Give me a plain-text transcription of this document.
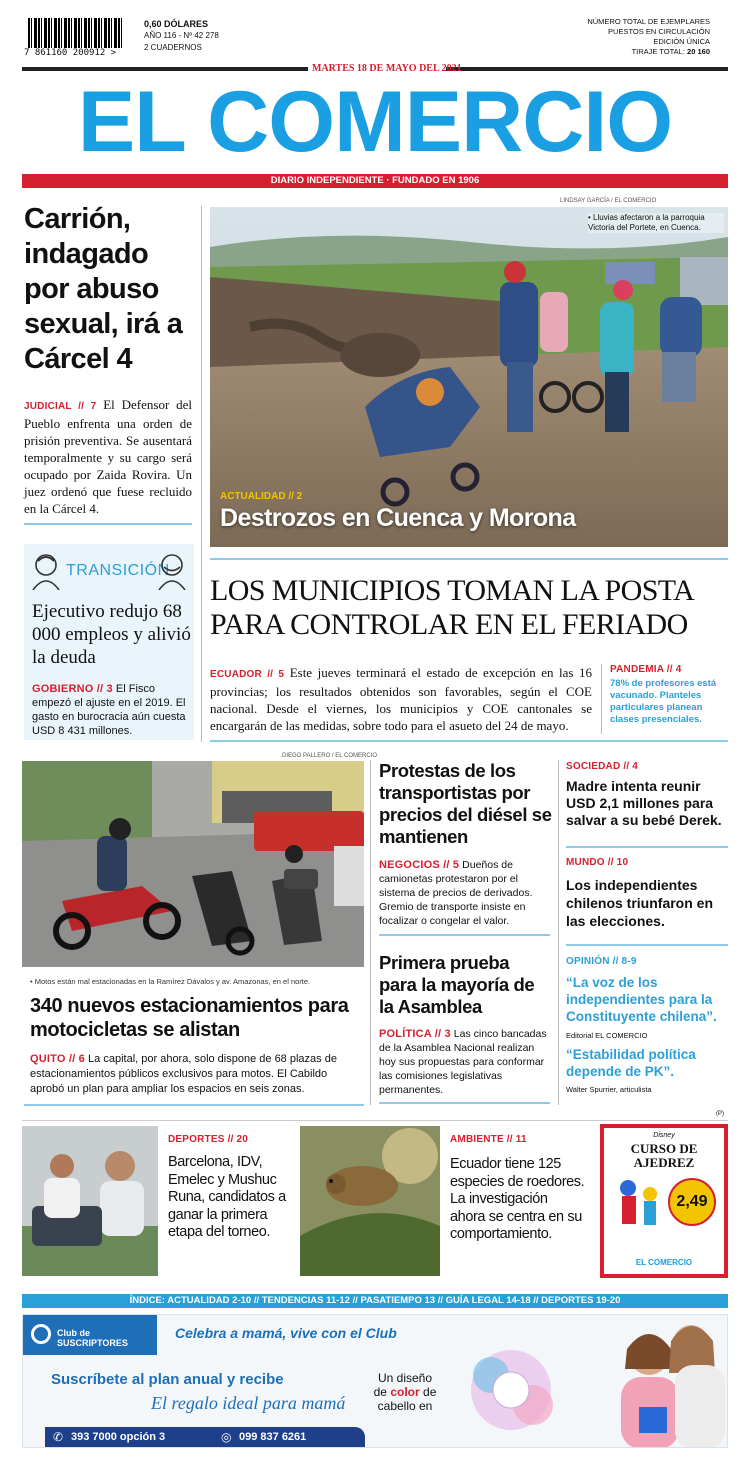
7 861160 200912 >
0,60 DÓLARES
AÑO 116 - Nº 42 278
2 CUADERNOS
NÚMERO TOTAL DE EJEMPLARES
PUESTOS EN CIRCULACIÓN
EDICIÓN ÚNICA
TIRAJE TOTAL: 20 160
MARTES 18 DE MAYO DEL 2021
EL COMERCIO
DIARIO INDEPENDIENTE · FUNDADO EN 1906
Carrión, indagado por abuso sexual, irá a Cárcel 4
JUDICIAL // 7 El Defensor del Pueblo enfrenta una orden de prisión preventiva. Se ausentará temporalmente y su cargo será ocupado por Zaida Rovira. Un juez ordenó que fuese recluido en la Cárcel 4.
LINDSAY GARCÍA / EL COMERCIO
• Lluvias afectaron a la parroquia Victoria del Portete, en Cuenca.
ACTUALIDAD // 2
Destrozos en Cuenca y Morona
TRANSICIÓN
Ejecutivo redujo 68 000 empleos y alivió la deuda
GOBIERNO // 3 El Fisco empezó el ajuste en el 2019. El gasto en burocracia aún cuesta USD 8 431 millones.
LOS MUNICIPIOS TOMAN LA POSTA PARA CONTROLAR EN EL FERIADO
ECUADOR // 5 Este jueves terminará el estado de excepción en las 16 provincias; los resultados obtenidos son favorables, según el COE nacional. Desde el viernes, los municipios y COE cantonales se encargarán de las medidas, sobre todo para el asueto del 24 de mayo.
PANDEMIA // 4
78% de profesores está vacunado. Planteles particulares planean clases presenciales.
DIEGO PALLERO / EL COMERCIO
• Motos están mal estacionadas en la Ramírez Dávalos y av. Amazonas, en el norte.
340 nuevos estacionamientos para motocicletas se alistan
QUITO // 6 La capital, por ahora, solo dispone de 68 plazas de estacionamientos públicos exclusivos para motos. El Cabildo aprobó un plan para ampliar los espacios en seis zonas.
Protestas de los transportistas por precios del diésel se mantienen
NEGOCIOS // 5 Dueños de camionetas protestaron por el sistema de precios de derivados. Gremio de transporte insiste en focalizar o congelar el valor.
Primera prueba para la mayoría de la Asamblea
POLÍTICA // 3 Las cinco bancadas de la Asamblea Nacional realizan hoy sus propuestas para conformar las comisiones legislativas permanentes.
SOCIEDAD // 4
Madre intenta reunir USD 2,1 millones para salvar a su bebé Derek.
MUNDO // 10
Los independientes chilenos triunfaron en las elecciones.
OPINIÓN // 8-9
“La voz de los independientes para la Constituyente chilena”.
Editorial EL COMERCIO
“Estabilidad política depende de PK”.
Walter Spurrier, articulista
DEPORTES // 20
Barcelona, IDV, Emelec y Mushuc Runa, candidatos a ganar la primera etapa del torneo.
AMBIENTE // 11
Ecuador tiene 125 especies de roedores. La investigación ahora se centra en su comportamiento.
(P)
Disney
CURSO DE AJEDREZ
2,49
EL COMERCIO
ÍNDICE: ACTUALIDAD 2-10 // TENDENCIAS 11-12 // PASATIEMPO 13 // GUÍA LEGAL 14-18 // DEPORTES 19-20
Club de SUSCRIPTORES
Celebra a mamá, vive con el Club
Suscríbete al plan anual y recibe
El regalo ideal para mamá
Un diseño
de color de
cabello en
✆ 393 7000 opción 3	◎ 099 837 6261
